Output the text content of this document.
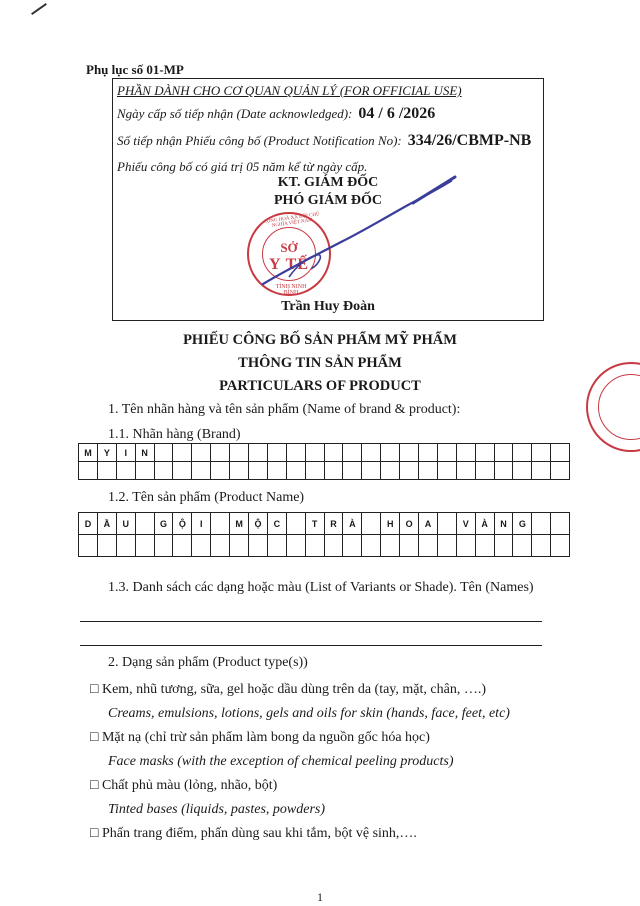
Phụ lục số 01-MP
PHẦN DÀNH CHO CƠ QUAN QUẢN LÝ (FOR OFFICIAL USE)
Ngày cấp số tiếp nhận (Date acknowledged): 04 / 6 /2026
Số tiếp nhận Phiếu công bố (Product Notification No): 334/26/CBMP-NB
Phiếu công bố có giá trị 05 năm kể từ ngày cấp.
KT. GIÁM ĐỐC
PHÓ GIÁM ĐỐC
CỘNG HOÀ XÃ HỘI CHỦ NGHĨA VIỆT NAM
SỞ
Y TẾ
TỈNH NINH BÌNH
Trần Huy Đoàn
PHIẾU CÔNG BỐ SẢN PHẨM MỸ PHẨM
THÔNG TIN SẢN PHẨM
PARTICULARS OF PRODUCT
1. Tên nhãn hàng và tên sản phẩm (Name of brand & product):
1.1. Nhãn hàng (Brand)
M	Y	I	N																						

1.2. Tên sản phẩm (Product Name)
D	Ầ	U		G	Ộ	I		M	Ộ	C		T	R	À		H	O	A		V	À	N	G		

1.3. Danh sách các dạng hoặc màu (List of Variants or Shade). Tên (Names)
2. Dạng sản phẩm (Product type(s))
□ Kem, nhũ tương, sữa, gel hoặc dầu dùng trên da (tay, mặt, chân, ….)
Creams, emulsions, lotions, gels and oils for skin (hands, face, feet, etc)
□ Mặt nạ (chỉ trừ sản phẩm làm bong da nguồn gốc hóa học)
Face masks (with the exception of chemical peeling products)
□ Chất phủ màu (lỏng, nhão, bột)
Tinted bases (liquids, pastes, powders)
□ Phấn trang điểm, phấn dùng sau khi tắm, bột vệ sinh,….
1
